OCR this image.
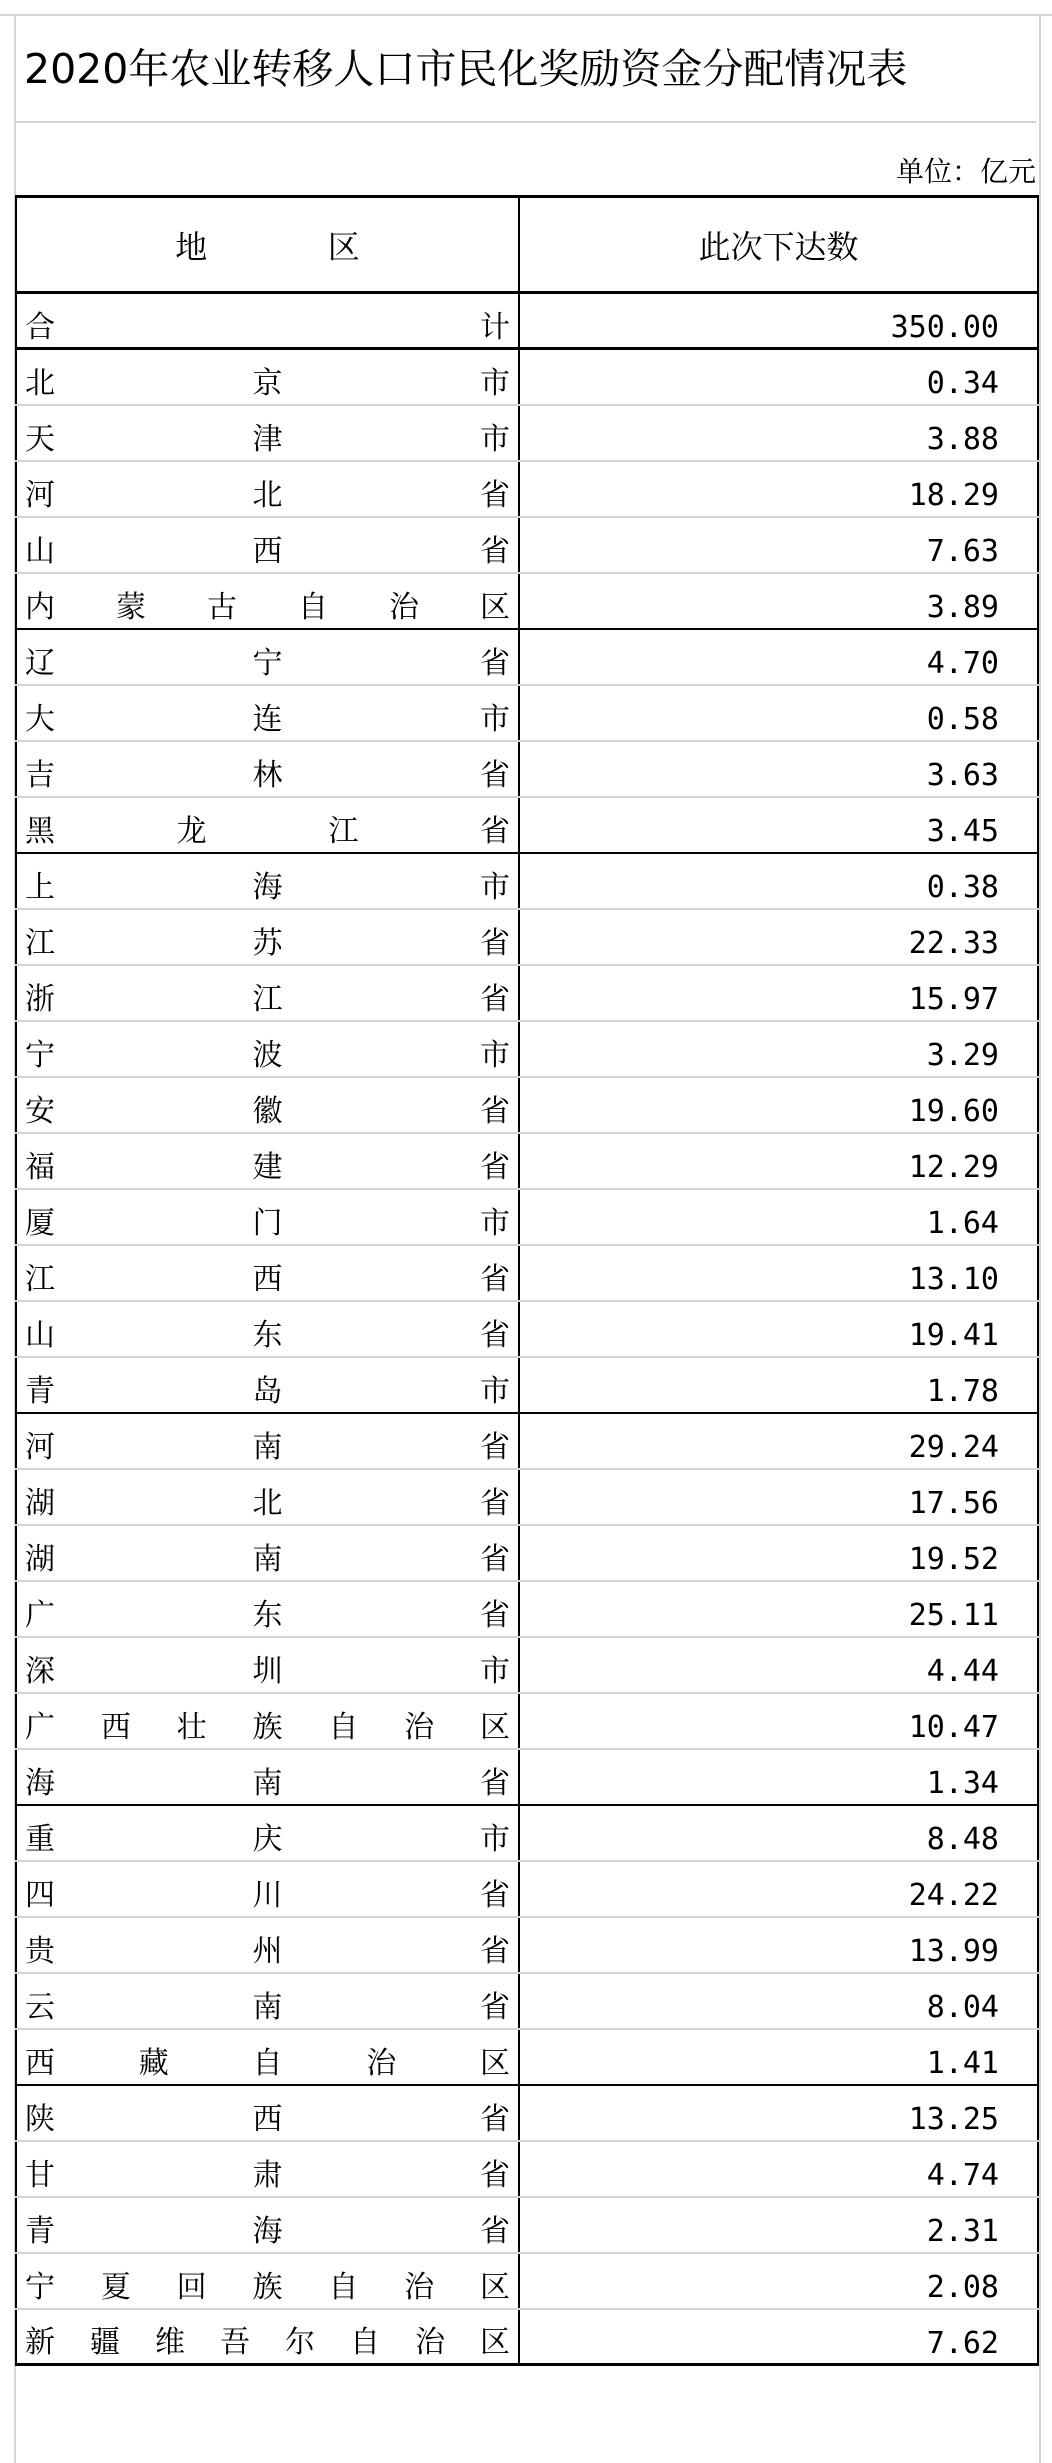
2020年农业转移人口市民化奖励资金分配情况表
单位：亿元
地 区	此次下达数

合计	350.00

北京市	0.34

天津市	3.88

河北省	18.29

山西省	7.63

内蒙古自治区	3.89

辽宁省	4.70

大连市	0.58

吉林省	3.63

黑龙江省	3.45

上海市	0.38

江苏省	22.33

浙江省	15.97

宁波市	3.29

安徽省	19.60

福建省	12.29

厦门市	1.64

江西省	13.10

山东省	19.41

青岛市	1.78

河南省	29.24

湖北省	17.56

湖南省	19.52

广东省	25.11

深圳市	4.44

广西壮族自治区	10.47

海南省	1.34

重庆市	8.48

四川省	24.22

贵州省	13.99

云南省	8.04

西藏自治区	1.41

陕西省	13.25

甘肃省	4.74

青海省	2.31

宁夏回族自治区	2.08

新疆维吾尔自治区	7.62
